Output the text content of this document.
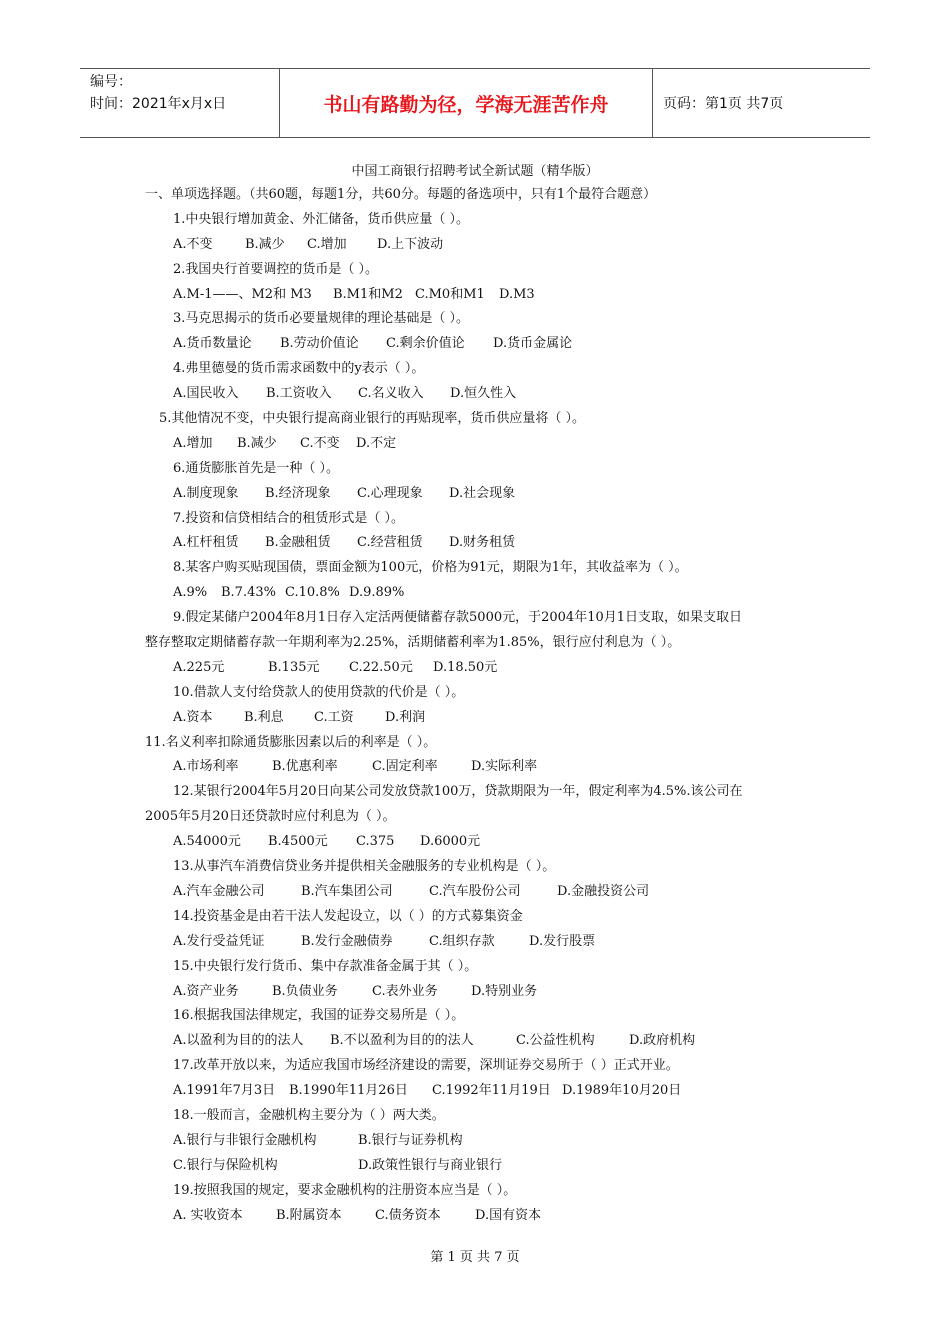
编号：
时间：2021年x月x日	书山有路勤为径，学海无涯苦作舟	页码：第1页 共7页
中国工商银行招聘考试全新试题（精华版）
一、单项选择题。（共60题，每题1分，共60分。每题的备选项中，只有1个最符合题意）
1.中央银行增加黄金、外汇储备，货币供应量（ ）。
A.不变 B.减少 C.增加 D.上下波动
2.我国央行首要调控的货币是（ ）。
A.M-1——、M2和 M3 B.M1和M2 C.M0和M1 D.M3
3.马克思揭示的货币必要量规律的理论基础是（ ）。
A.货币数量论 B.劳动价值论 C.剩余价值论 D.货币金属论
4.弗里德曼的货币需求函数中的y表示（ ）。
A.国民收入 B.工资收入 C.名义收入 D.恒久性入
5.其他情况不变，中央银行提高商业银行的再贴现率，货币供应量将（ ）。
A.增加 B.减少 C.不变 D.不定
6.通货膨胀首先是一种（ ）。
A.制度现象 B.经济现象 C.心理现象 D.社会现象
7.投资和信贷相结合的租赁形式是（ ）。
A.杠杆租赁 B.金融租赁 C.经营租赁 D.财务租赁
8.某客户购买贴现国债，票面金额为100元，价格为91元，期限为1年，其收益率为（ ）。
A.9% B.7.43% C.10.8% D.9.89%
9.假定某储户2004年8月1日存入定活两便储蓄存款5000元，于2004年10月1日支取，如果支取日
整存整取定期储蓄存款一年期利率为2.25%，活期储蓄利率为1.85%，银行应付利息为（ ）。
A.225元	B.135元 C.22.50元 D.18.50元
10.借款人支付给贷款人的使用贷款的代价是（ ）。
A.资本 B.利息 C.工资 D.利润
11.名义利率扣除通货膨胀因素以后的利率是（ ）。
A.市场利率	B.优惠利率	C.固定利率	D.实际利率
12.某银行2004年5月20日向某公司发放贷款100万，贷款期限为一年，假定利率为4.5%.该公司在
2005年5月20日还贷款时应付利息为（ ）。
A.54000元 B.4500元 C.375 D.6000元
13.从事汽车消费信贷业务并提供相关金融服务的专业机构是（ ）。
A.汽车金融公司	B.汽车集团公司	C.汽车股份公司	D.金融投资公司
14.投资基金是由若干法人发起设立，以（ ）的方式募集资金
A.发行受益凭证	B.发行金融债券	C.组织存款	D.发行股票
15.中央银行发行货币、集中存款准备金属于其（ ）。
A.资产业务	B.负债业务	C.表外业务	D.特别业务
16.根据我国法律规定，我国的证券交易所是（ ）。
A.以盈利为目的的法人 B.不以盈利为目的的法人	C.公益性机构	D.政府机构
17.改革开放以来，为适应我国市场经济建设的需要，深圳证券交易所于（ ）正式开业。
A.1991年7月3日 B.1990年11月26日 C.1992年11月19日 D.1989年10月20日
18.一般而言，金融机构主要分为（ ）两大类。
A.银行与非银行金融机构	B.银行与证券机构
C.银行与保险机构	D.政策性银行与商业银行
19.按照我国的规定，要求金融机构的注册资本应当是（ ）。
A. 实收资本	B.附属资本	C.债务资本	D.国有资本
第 1 页 共 7 页
